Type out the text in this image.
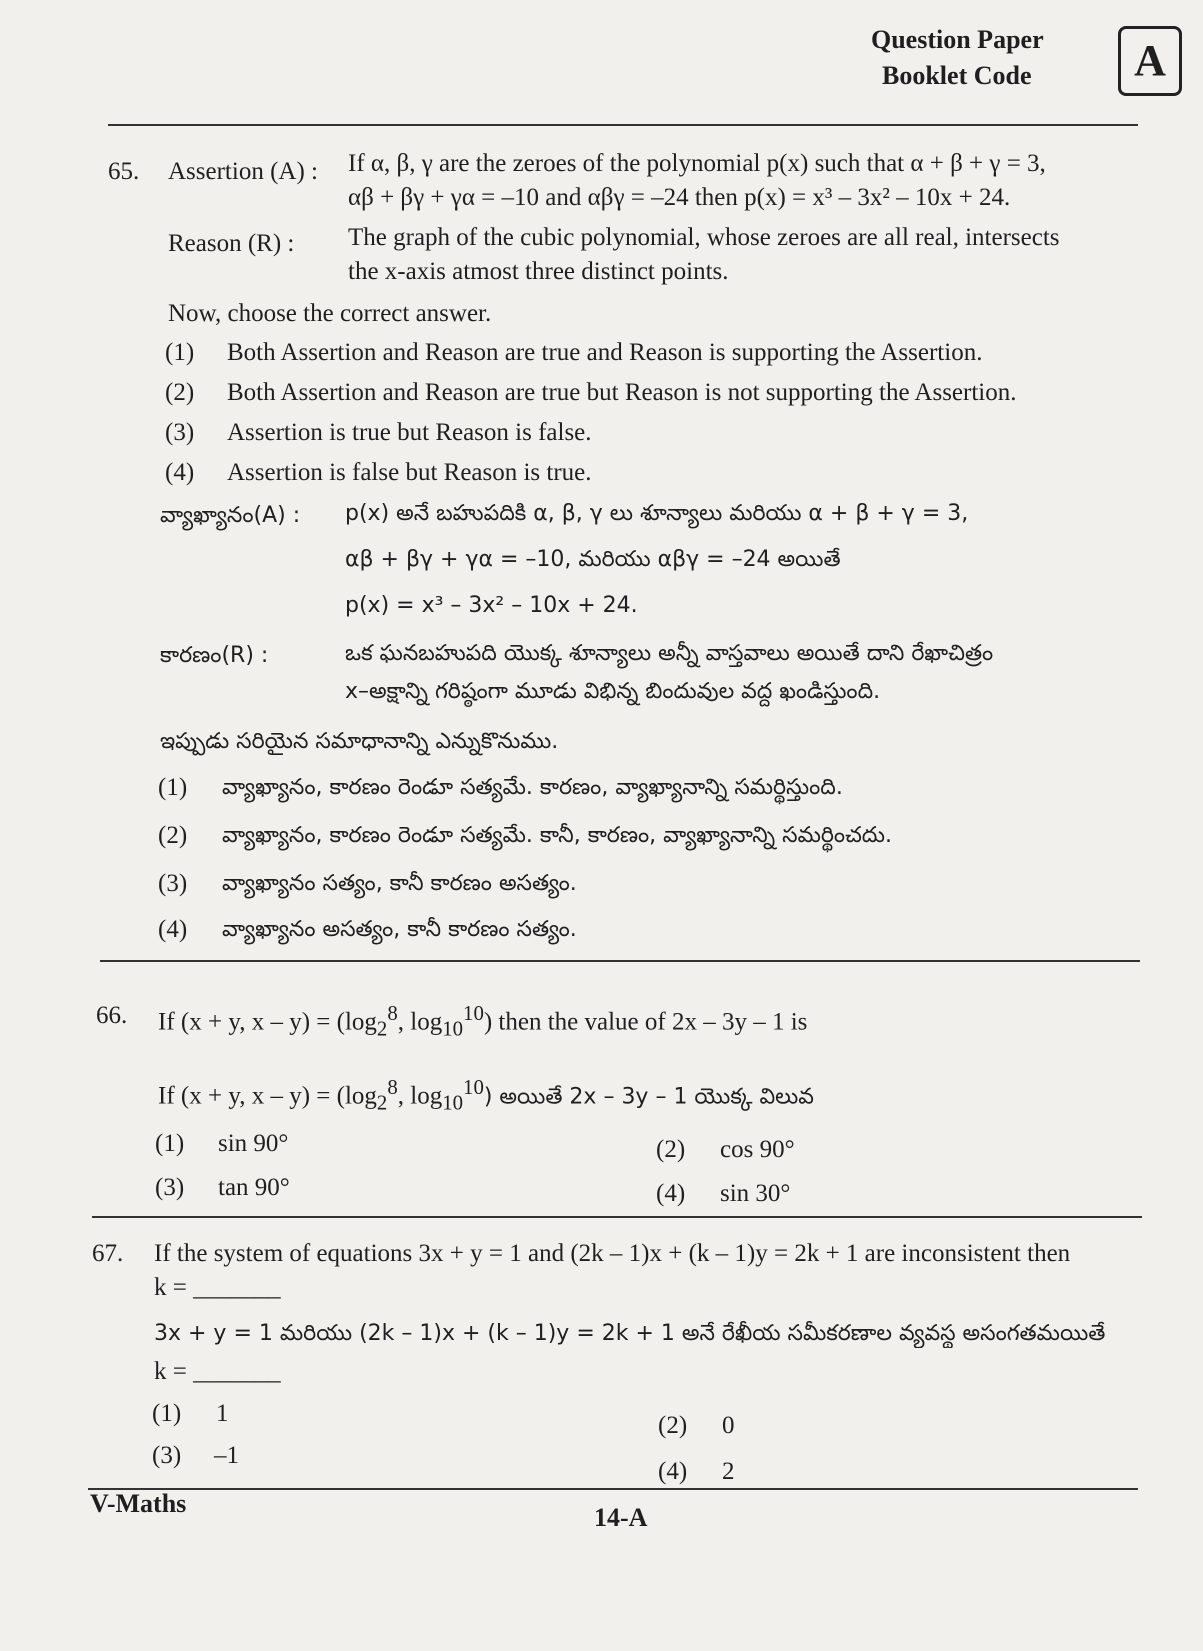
Question Paper
Booklet Code	A
65. Assertion (A) : If α, β, γ are the zeroes of the polynomial p(x) such that α + β + γ = 3,
αβ + βγ + γα = –10 and αβγ = –24 then p(x) = x³ – 3x² – 10x + 24.
Reason (R) : The graph of the cubic polynomial, whose zeroes are all real, intersects
the x-axis atmost three distinct points.
Now, choose the correct answer.
(1) Both Assertion and Reason are true and Reason is supporting the Assertion.
(2) Both Assertion and Reason are true but Reason is not supporting the Assertion.
(3) Assertion is true but Reason is false.
(4) Assertion is false but Reason is true.
వ్యాఖ్యానం(A) : p(x) అనే బహుపదికి α, β, γ లు శూన్యాలు మరియు α + β + γ = 3,
αβ + βγ + γα = –10, మరియు αβγ = –24 అయితే
p(x) = x³ – 3x² – 10x + 24.
కారణం(R) :	ఒక ఘనబహుపది యొక్క శూన్యాలు అన్నీ వాస్తవాలు అయితే దాని రేఖాచిత్రం
x–అక్షాన్ని గరిష్ఠంగా మూడు విభిన్న బిందువుల వద్ద ఖండిస్తుంది.
ఇప్పుడు సరియైన సమాధానాన్ని ఎన్నుకొనుము.
(1) వ్యాఖ్యానం, కారణం రెండూ సత్యమే. కారణం, వ్యాఖ్యానాన్ని సమర్థిస్తుంది.
(2) వ్యాఖ్యానం, కారణం రెండూ సత్యమే. కానీ, కారణం, వ్యాఖ్యానాన్ని సమర్థించదు.
(3) వ్యాఖ్యానం సత్యం, కానీ కారణం అసత్యం.
(4) వ్యాఖ్యానం అసత్యం, కానీ కారణం సత్యం.
66. If (x + y, $x - y) = (\log_2^8$, $\log_{10}^{10}$) then the value of 2x – 3y – 1 is
If (x + y, $x - y) = (\log_2^8$, $\log_{10}^{10}$) అయితే 2x – 3y – 1 యొక్క విలువ
(1) sin 90°	(2) cos 90°
(3) tan 90°	(4) sin 30°
67. If the system of equations 3x + y = 1 and (2k – 1)x + (k – 1)y = 2k + 1 are inconsistent then
k = _______
3x + y = 1 మరియు (2k – 1)x + (k – 1)y = 2k + 1 అనే రేఖీయ సమీకరణాల వ్యవస్థ అసంగతమయితే
k = _______
(1) 1	(2) 0
(3) –1
(4) 2
V-Maths	14-A
